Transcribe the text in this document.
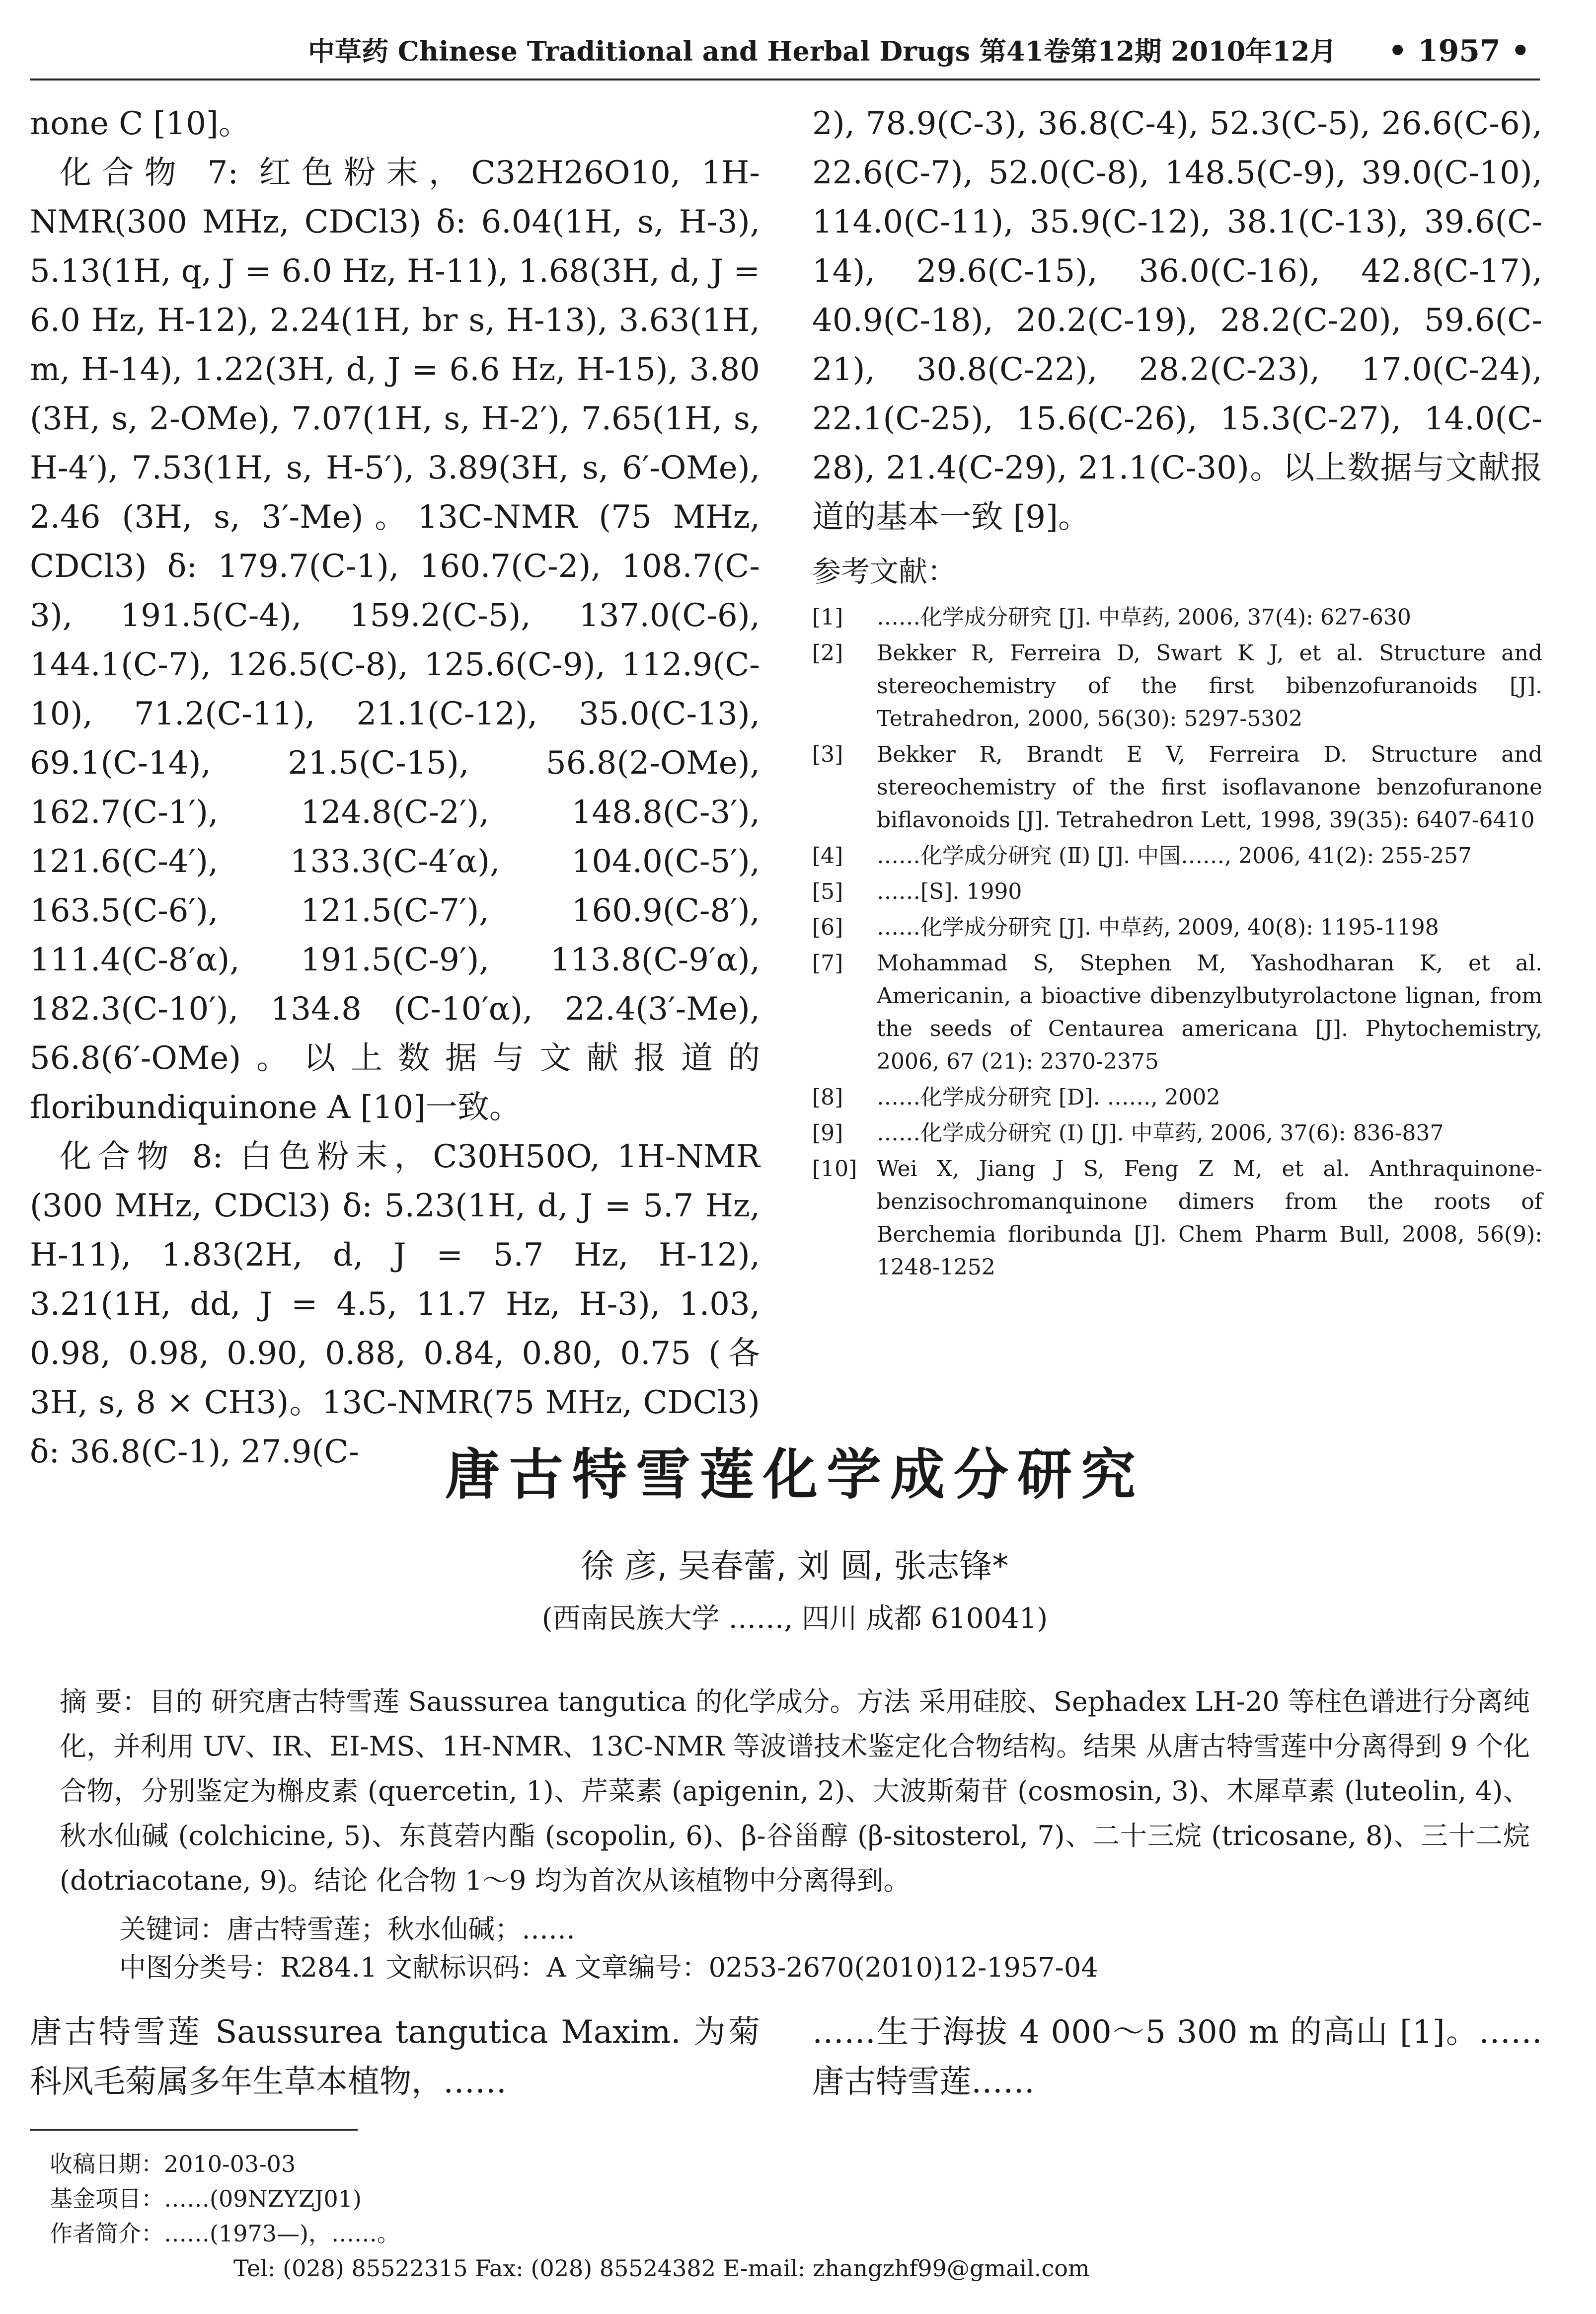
中草药 Chinese Traditional and Herbal Drugs 第41卷第12期 2010年12月 • 1957 •

none C [10]。

化合物 7: 红色粉末，C32H26O10, 1H-NMR(300 MHz, CDCl3) δ: 6.04(1H, s, H-3), 5.13(1H, q, J = 6.0 Hz, H-11), 1.68(3H, d, J = 6.0 Hz, H-12), 2.24(1H, br s, H-13), 3.63(1H, m, H-14), 1.22(3H, d, J = 6.6 Hz, H-15), 3.80 (3H, s, 2-OMe), 7.07(1H, s, H-2′), 7.65(1H, s, H-4′), 7.53(1H, s, H-5′), 3.89(3H, s, 6′-OMe), 2.46 (3H, s, 3′-Me)。13C-NMR (75 MHz, CDCl3) δ: 179.7(C-1), 160.7(C-2), 108.7(C-3), 191.5(C-4), 159.2(C-5), 137.0(C-6), 144.1(C-7), 126.5(C-8), 125.6(C-9), 112.9(C-10), 71.2(C-11), 21.1(C-12), 35.0(C-13), 69.1(C-14), 21.5(C-15), 56.8(2-OMe), 162.7(C-1′), 124.8(C-2′), 148.8(C-3′), 121.6(C-4′), 133.3(C-4′α), 104.0(C-5′), 163.5(C-6′), 121.5(C-7′), 160.9(C-8′), 111.4(C-8′α), 191.5(C-9′), 113.8(C-9′α), 182.3(C-10′), 134.8 (C-10′α), 22.4(3′-Me), 56.8(6′-OMe)。以上数据与文献报道的 floribundiquinone A [10]一致。

化合物 8: 白色粉末，C30H50O, 1H-NMR (300 MHz, CDCl3) δ: 5.23(1H, d, J = 5.7 Hz, H-11), 1.83(2H, d, J = 5.7 Hz, H-12), 3.21(1H, dd, J = 4.5, 11.7 Hz, H-3), 1.03, 0.98, 0.98, 0.90, 0.88, 0.84, 0.80, 0.75 (各 3H, s, 8 × CH3)。13C-NMR(75 MHz, CDCl3) δ: 36.8(C-1), 27.9(C-

2), 78.9(C-3), 36.8(C-4), 52.3(C-5), 26.6(C-6), 22.6(C-7), 52.0(C-8), 148.5(C-9), 39.0(C-10), 114.0(C-11), 35.9(C-12), 38.1(C-13), 39.6(C-14), 29.6(C-15), 36.0(C-16), 42.8(C-17), 40.9(C-18), 20.2(C-19), 28.2(C-20), 59.6(C-21), 30.8(C-22), 28.2(C-23), 17.0(C-24), 22.1(C-25), 15.6(C-26), 15.3(C-27), 14.0(C-28), 21.4(C-29), 21.1(C-30)。以上数据与文献报道的基本一致 [9]。

参考文献：
[1]	……化学成分研究 [J]. 中草药, 2006, 37(4): 627-630
[2]	Bekker R, Ferreira D, Swart K J, et al. Structure and stereochemistry of the first bibenzofuranoids [J]. Tetrahedron, 2000, 56(30): 5297-5302
[3]	Bekker R, Brandt E V, Ferreira D. Structure and stereochemistry of the first isoflavanone benzofuranone biflavonoids [J]. Tetrahedron Lett, 1998, 39(35): 6407-6410
[4]	……化学成分研究 (Ⅱ) [J]. 中国……, 2006, 41(2): 255-257
[5]	……[S]. 1990
[6]	……化学成分研究 [J]. 中草药, 2009, 40(8): 1195-1198
[7]	Mohammad S, Stephen M, Yashodharan K, et al. Americanin, a bioactive dibenzylbutyrolactone lignan, from the seeds of Centaurea americana [J]. Phytochemistry, 2006, 67 (21): 2370-2375
[8]	……化学成分研究 [D]. ……, 2002
[9]	……化学成分研究 (Ⅰ) [J]. 中草药, 2006, 37(6): 836-837
[10] Wei X, Jiang J S, Feng Z M, et al. Anthraquinone-benzisochromanquinone dimers from the roots of Berchemia floribunda [J]. Chem Pharm Bull, 2008, 56(9): 1248-1252
唐古特雪莲化学成分研究
徐 彦, 吴春蕾, 刘 圆, 张志锋*
(西南民族大学 ……, 四川 成都 610041)
摘 要：目的 研究唐古特雪莲 Saussurea tangutica 的化学成分。方法 采用硅胶、Sephadex LH-20 等柱色谱进行分离纯化，并利用 UV、IR、EI-MS、1H-NMR、13C-NMR 等波谱技术鉴定化合物结构。结果 从唐古特雪莲中分离得到 9 个化合物，分别鉴定为槲皮素 (quercetin, 1)、芹菜素 (apigenin, 2)、大波斯菊苷 (cosmosin, 3)、木犀草素 (luteolin, 4)、秋水仙碱 (colchicine, 5)、东莨菪内酯 (scopolin, 6)、β-谷甾醇 (β-sitosterol, 7)、二十三烷 (tricosane, 8)、三十二烷 (dotriacotane, 9)。结论 化合物 1～9 均为首次从该植物中分离得到。
关键词：唐古特雪莲；秋水仙碱；……
中图分类号：R284.1 文献标识码：A 文章编号：0253-2670(2010)12-1957-04
唐古特雪莲 Saussurea tangutica Maxim. 为菊科风毛菊属多年生草本植物，……
……生于海拔 4 000～5 300 m 的高山 [1]。……唐古特雪莲……
收稿日期：2010-03-03
基金项目：……(09NZYZJ01)
作者简介：……(1973—)，……。
Tel: (028) 85522315 Fax: (028) 85524382 E-mail: zhangzhf99@gmail.com
